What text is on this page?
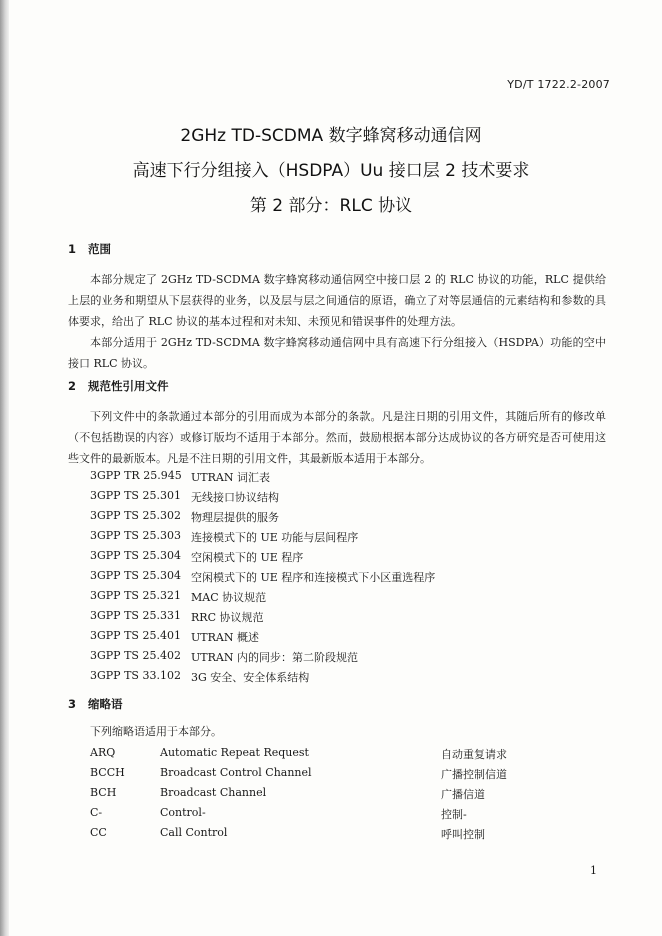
YD/T 1722.2-2007
2GHz TD-SCDMA 数字蜂窝移动通信网
高速下行分组接入（HSDPA）Uu 接口层 2 技术要求
第 2 部分：RLC 协议
1 范围

本部分规定了 2GHz TD-SCDMA 数字蜂窝移动通信网空中接口层 2 的 RLC 协议的功能，RLC 提供给上层的业务和期望从下层获得的业务，以及层与层之间通信的原语，确立了对等层通信的元素结构和参数的具体要求，给出了 RLC 协议的基本过程和对未知、未预见和错误事件的处理方法。

本部分适用于 2GHz TD-SCDMA 数字蜂窝移动通信网中具有高速下行分组接入（HSDPA）功能的空中接口 RLC 协议。

2 规范性引用文件

下列文件中的条款通过本部分的引用而成为本部分的条款。凡是注日期的引用文件，其随后所有的修改单（不包括勘误的内容）或修订版均不适用于本部分。然而，鼓励根据本部分达成协议的各方研究是否可使用这些文件的最新版本。凡是不注日期的引用文件，其最新版本适用于本部分。

3GPP TR 25.945 UTRAN 词汇表
3GPP TS 25.301 无线接口协议结构
3GPP TS 25.302 物理层提供的服务
3GPP TS 25.303 连接模式下的 UE 功能与层间程序
3GPP TS 25.304 空闲模式下的 UE 程序
3GPP TS 25.304 空闲模式下的 UE 程序和连接模式下小区重选程序
3GPP TS 25.321 MAC 协议规范
3GPP TS 25.331 RRC 协议规范
3GPP TS 25.401 UTRAN 概述
3GPP TS 25.402 UTRAN 内的同步：第二阶段规范
3GPP TS 33.102 3G 安全、安全体系结构
3 缩略语
下列缩略语适用于本部分。
ARQ	Automatic Repeat Request	自动重复请求
BCCH	Broadcast Control Channel	广播控制信道
BCH	Broadcast Channel	广播信道
C-	Control-	控制-
CC	Call Control	呼叫控制
1
